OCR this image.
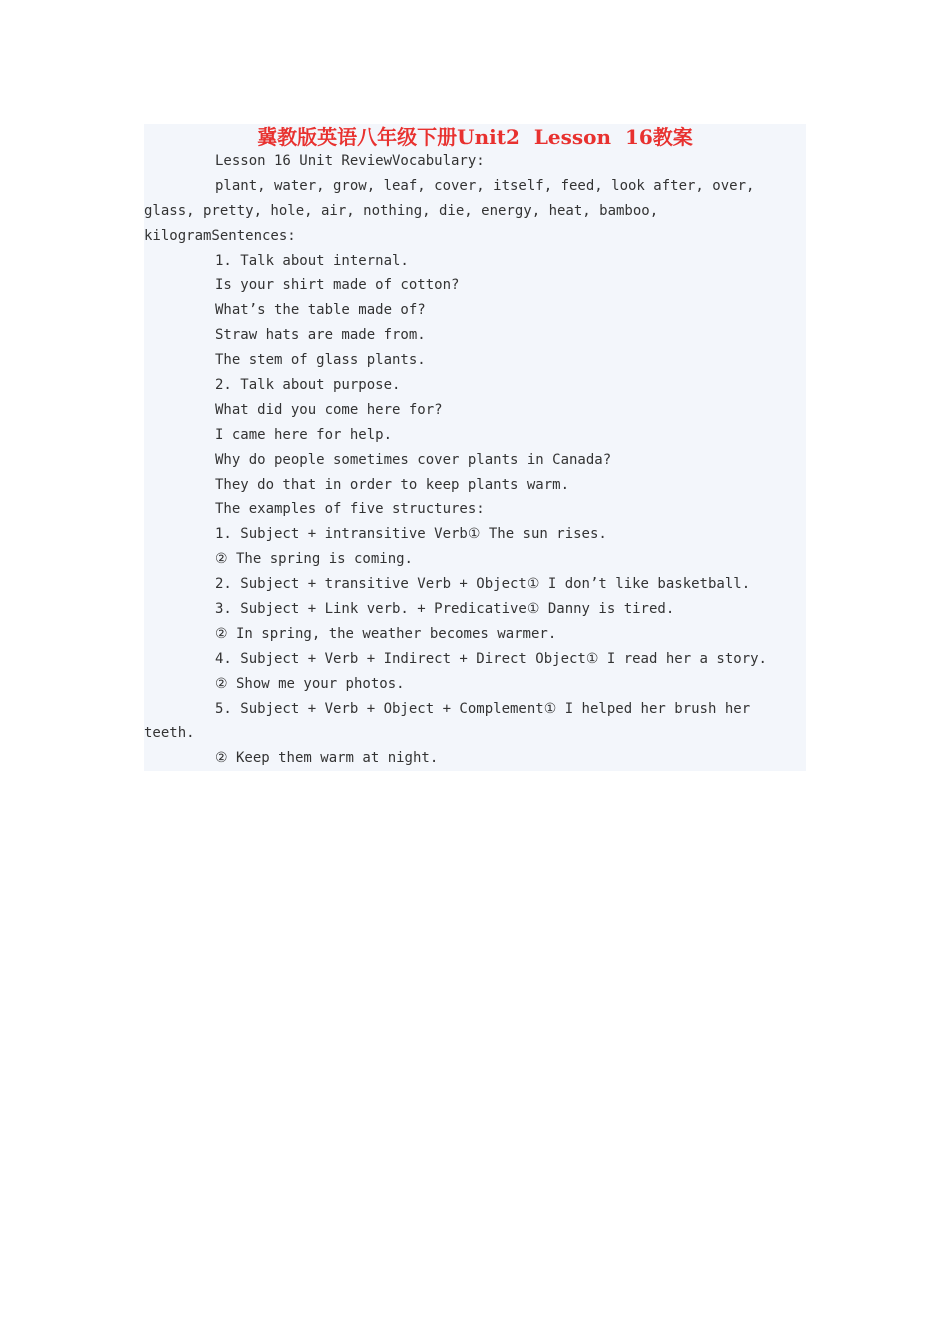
冀教版英语八年级下册Unit2  Lesson  16教案
Lesson 16 Unit ReviewVocabulary:
plant, water, grow, leaf, cover, itself, feed, look after, over,
glass, pretty, hole, air, nothing, die, energy, heat, bamboo,
kilogramSentences:
1. Talk about internal.
Is your shirt made of cotton?
What’s the table made of?
Straw hats are made from.
The stem of glass plants.
2. Talk about purpose.
What did you come here for?
I came here for help.
Why do people sometimes cover plants in Canada?
They do that in order to keep plants warm.
The examples of five structures:
1. Subject + intransitive Verb① The sun rises.
② The spring is coming.
2. Subject + transitive Verb + Object① I don’t like basketball.
3. Subject + Link verb. + Predicative① Danny is tired.
② In spring, the weather becomes warmer.
4. Subject + Verb + Indirect + Direct Object① I read her a story.
② Show me your photos.
5. Subject + Verb + Object + Complement① I helped her brush her
teeth.
② Keep them warm at night.
